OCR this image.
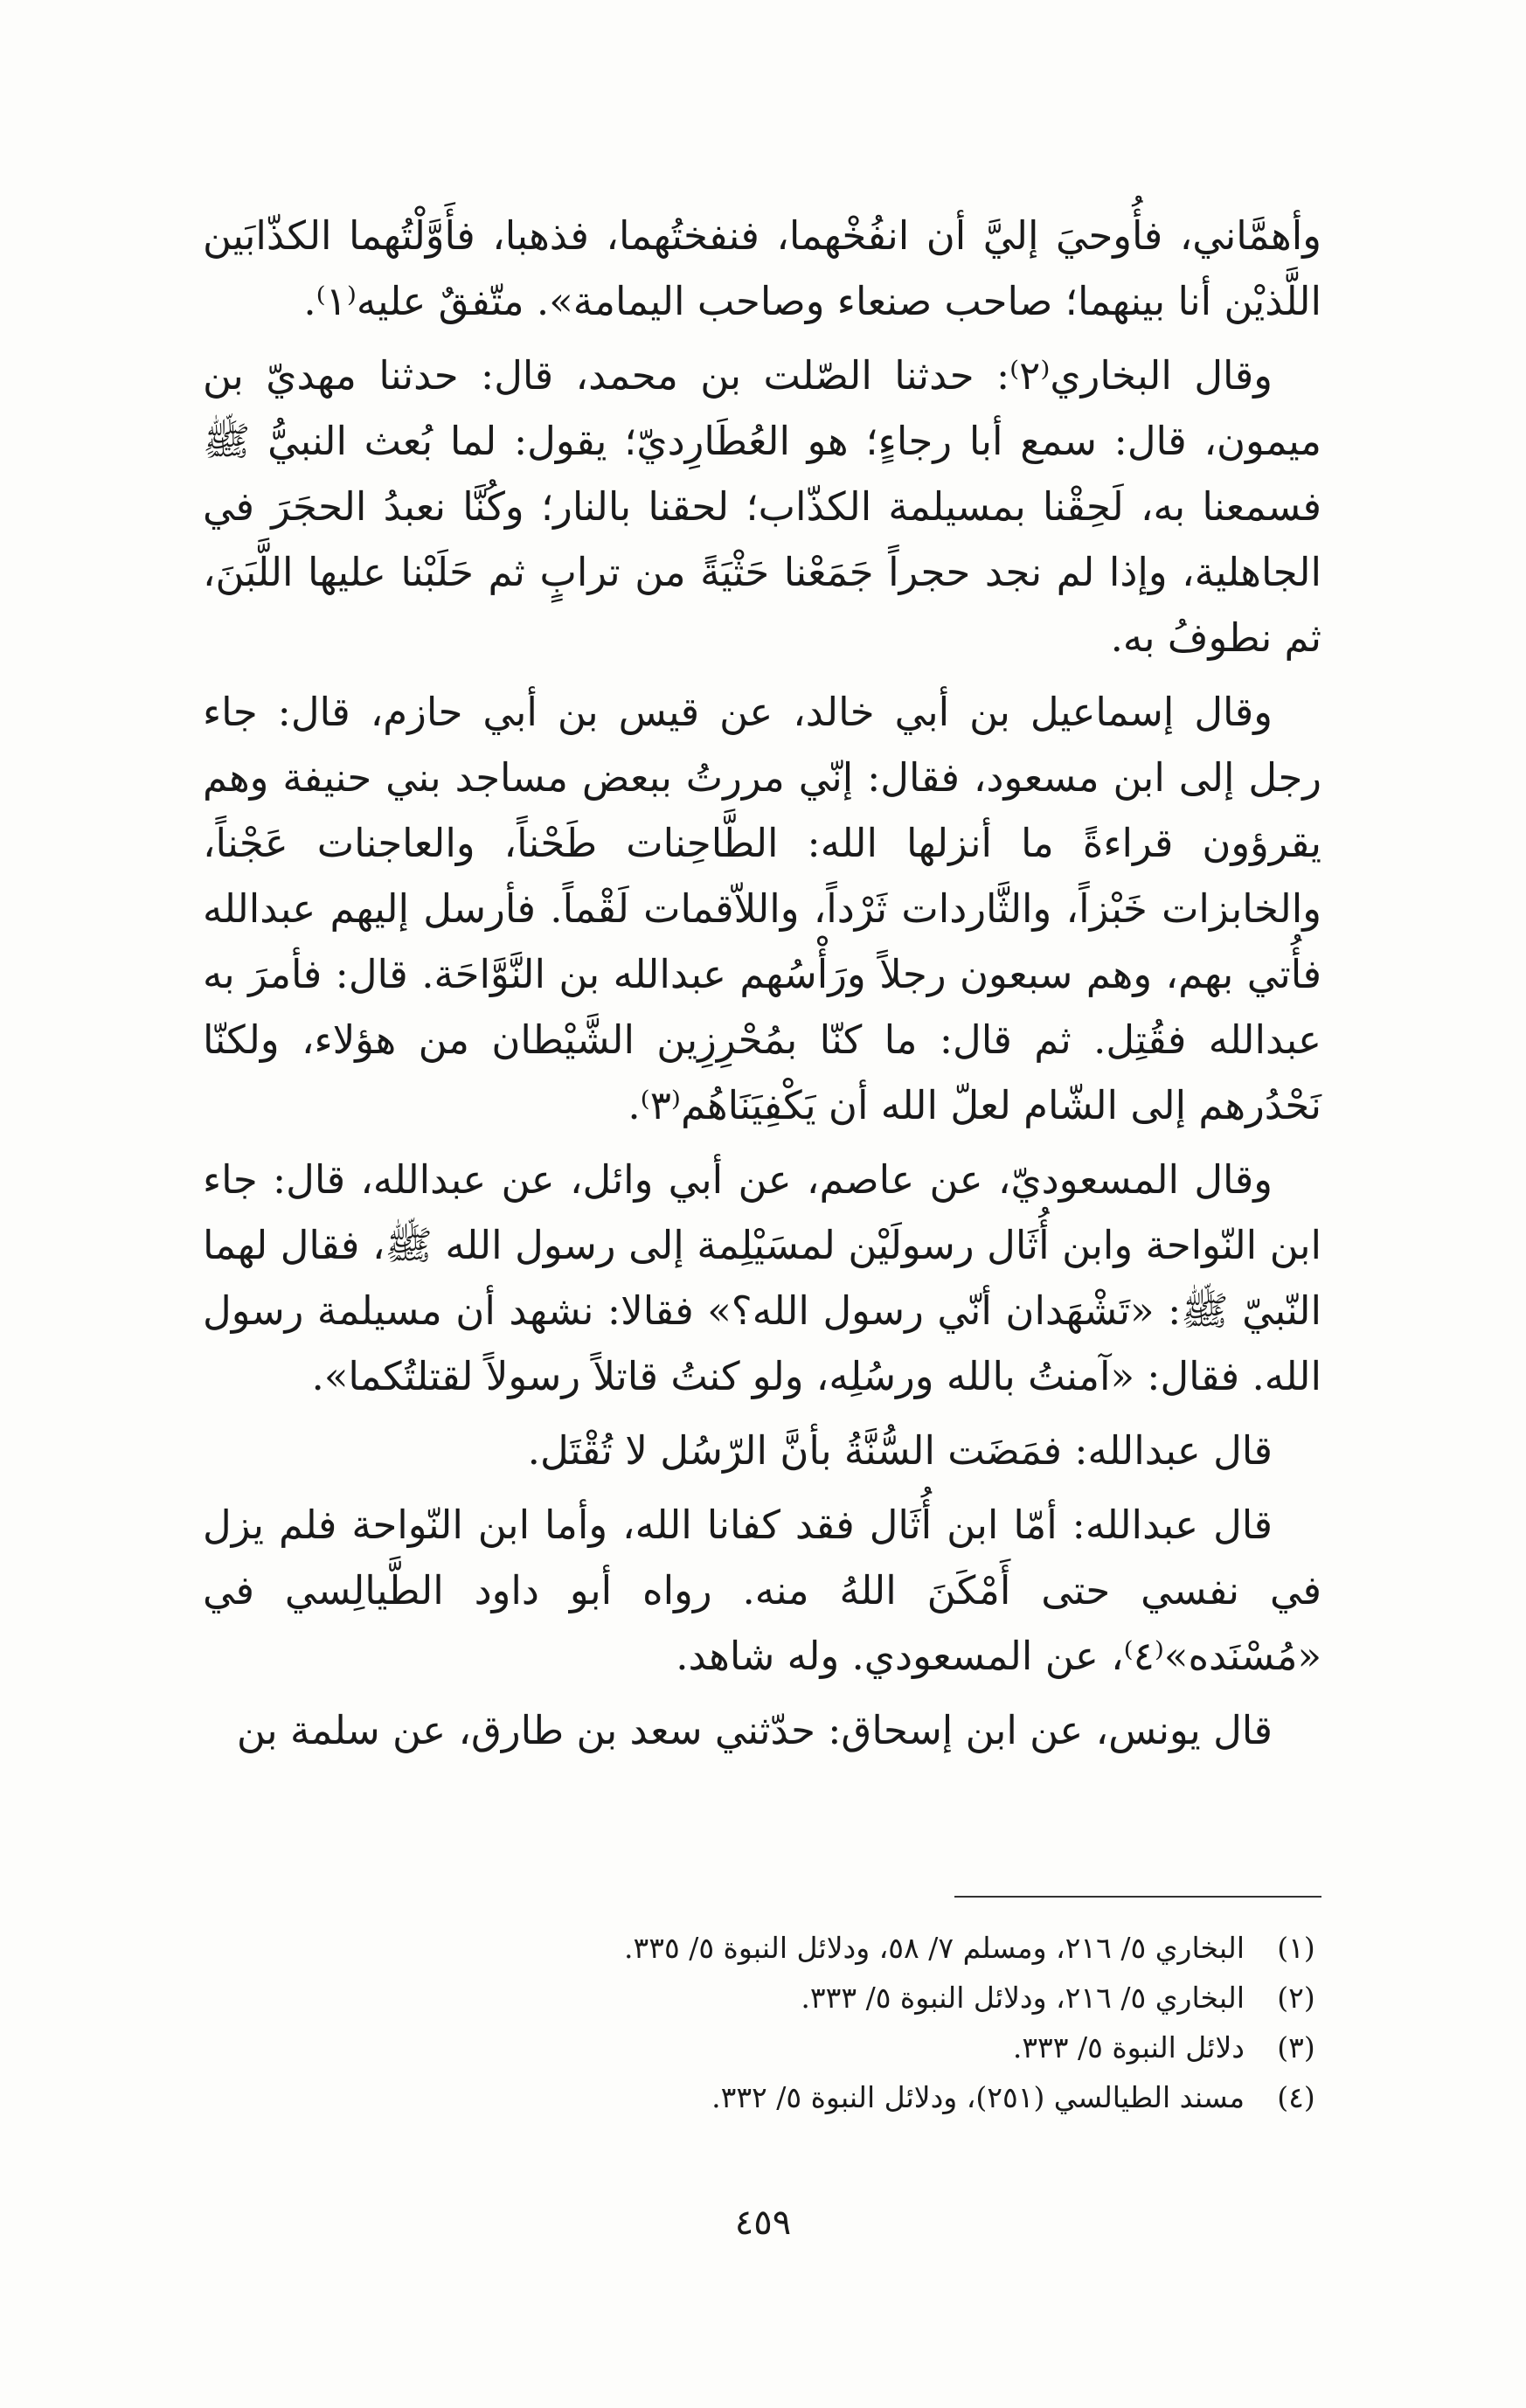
وأهمَّاني، فأُوحيَ إليَّ أن انفُخْهما، فنفختُهما، فذهبا، فأَوَّلْتُهما الكذّابَين اللَّذيْن أنا بينهما؛ صاحب صنعاء وصاحب اليمامة». متّفقٌ عليه⁽١⁾.

وقال البخاري⁽٢⁾: حدثنا الصّلت بن محمد، قال: حدثنا مهديّ بن ميمون، قال: سمع أبا رجاءٍ؛ هو العُطَارِديّ؛ يقول: لما بُعث النبيُّ ﷺ فسمعنا به، لَحِقْنا بمسيلمة الكذّاب؛ لحقنا بالنار؛ وكُنَّا نعبدُ الحجَرَ في الجاهلية، وإذا لم نجد حجراً جَمَعْنا حَثْيَةً من ترابٍ ثم حَلَبْنا عليها اللَّبَنَ، ثم نطوفُ به.

وقال إسماعيل بن أبي خالد، عن قيس بن أبي حازم، قال: جاء رجل إلى ابن مسعود، فقال: إنّي مررتُ ببعض مساجد بني حنيفة وهم يقرؤون قراءةً ما أنزلها الله: الطَّاحِنات طَحْناً، والعاجنات عَجْناً، والخابزات خَبْزاً، والثَّاردات ثَرْداً، واللاّقمات لَقْماً. فأرسل إليهم عبدالله فأُتي بهم، وهم سبعون رجلاً ورَأْسُهم عبدالله بن النَّوَّاحَة. قال: فأمرَ به عبدالله فقُتِل. ثم قال: ما كنّا بمُحْرِزِين الشَّيْطان من هؤلاء، ولكنّا نَحْدُرهم إلى الشّام لعلّ الله أن يَكْفِيَنَاهُم⁽٣⁾.

وقال المسعوديّ، عن عاصم، عن أبي وائل، عن عبدالله، قال: جاء ابن النّواحة وابن أُثَال رسولَيْن لمسَيْلِمة إلى رسول الله ﷺ، فقال لهما النّبيّ ﷺ: «تَشْهَدان أنّي رسول الله؟» فقالا: نشهد أن مسيلمة رسول الله. فقال: «آمنتُ بالله ورسُلِه، ولو كنتُ قاتلاً رسولاً لقتلتُكما».

قال عبدالله: فمَضَت السُّنَّةُ بأنَّ الرّسُل لا تُقْتَل.

قال عبدالله: أمّا ابن أُثَال فقد كفانا الله، وأما ابن النّواحة فلم يزل في نفسي حتى أَمْكَنَ اللهُ منه. رواه أبو داود الطَّيالِسي في «مُسْنَده»⁽٤⁾، عن المسعودي. وله شاهد.

قال يونس، عن ابن إسحاق: حدّثني سعد بن طارق، عن سلمة بن

(١)
البخاري ٥/ ٢١٦، ومسلم ٧/ ٥٨، ودلائل النبوة ٥/ ٣٣٥.
(٢)
البخاري ٥/ ٢١٦، ودلائل النبوة ٥/ ٣٣٣.
(٣)
دلائل النبوة ٥/ ٣٣٣.
(٤)
مسند الطيالسي (٢٥١)، ودلائل النبوة ٥/ ٣٣٢.
٤٥٩
